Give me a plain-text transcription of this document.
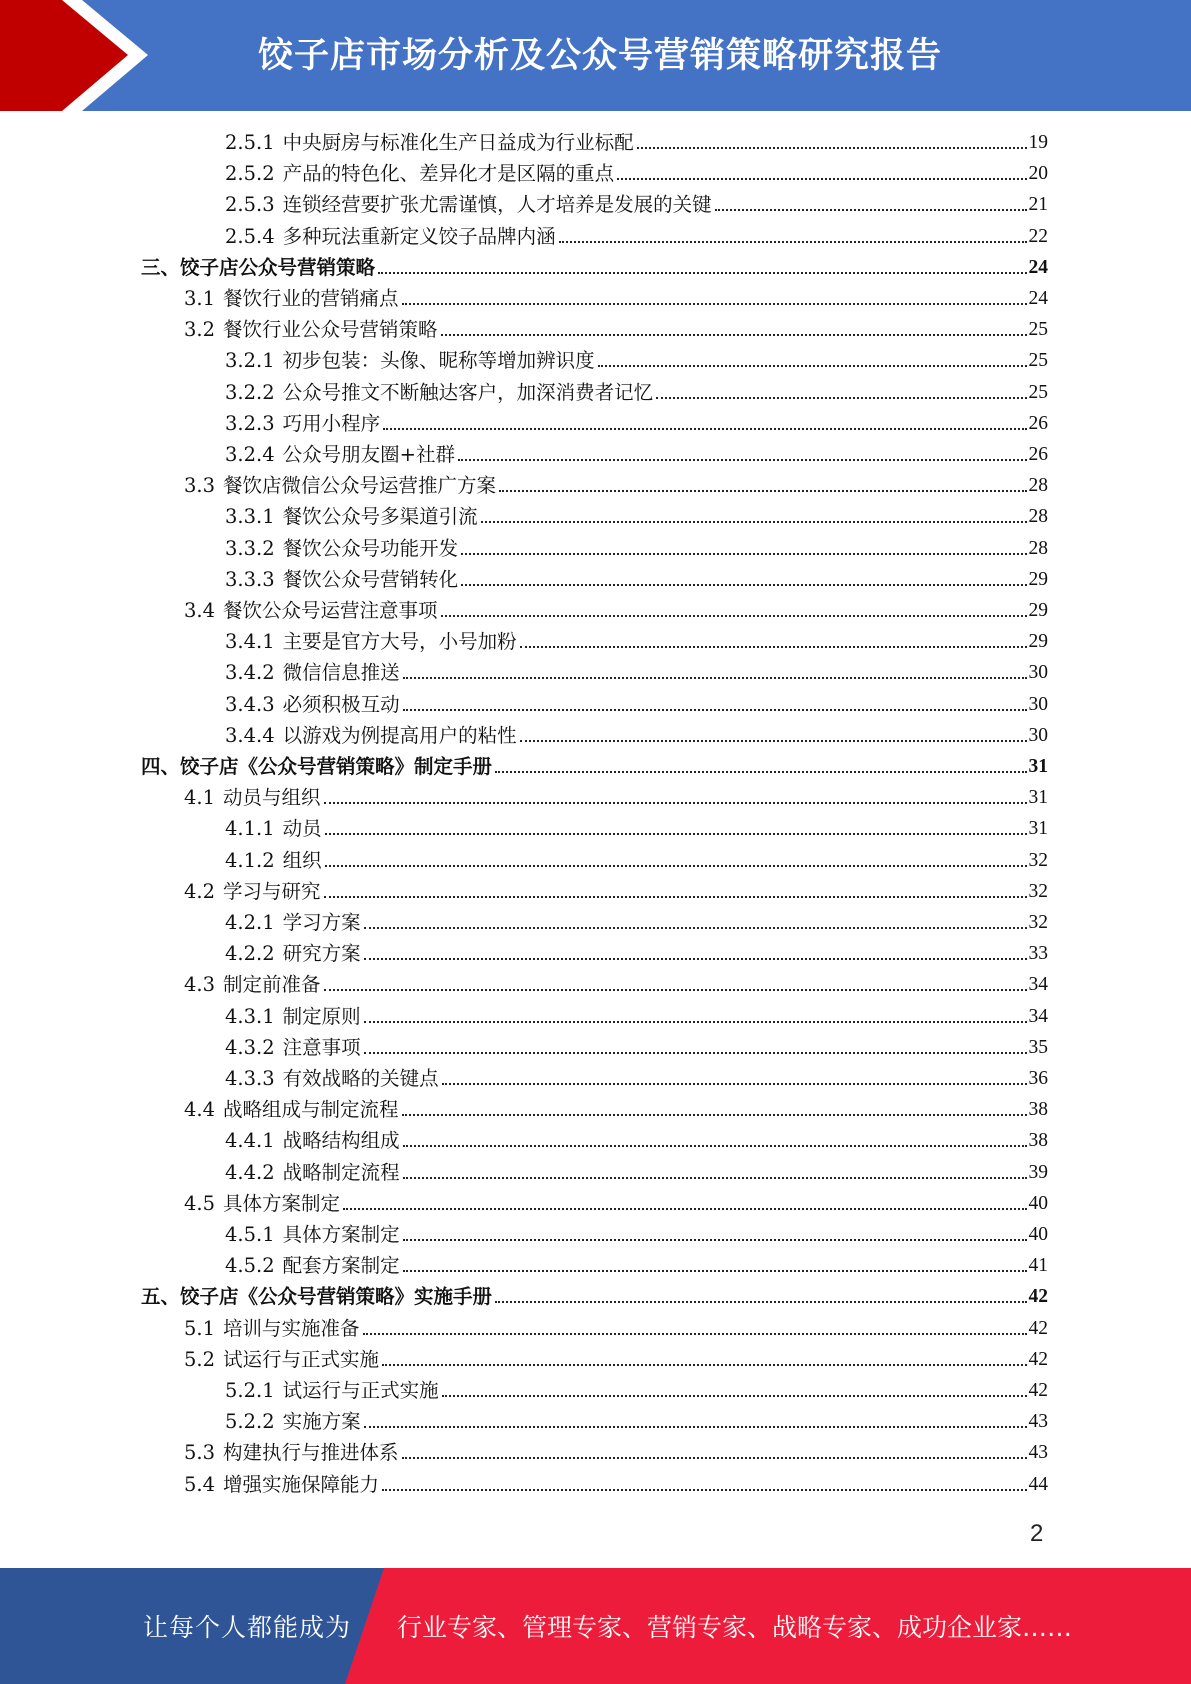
饺子店市场分析及公众号营销策略研究报告
2.5.1 中央厨房与标准化生产日益成为行业标配	19
2.5.2 产品的特色化、差异化才是区隔的重点	20
2.5.3 连锁经营要扩张尤需谨慎，人才培养是发展的关键	21
2.5.4 多种玩法重新定义饺子品牌内涵	22
三、饺子店公众号营销策略	24
3.1 餐饮行业的营销痛点	24
3.2 餐饮行业公众号营销策略	25
3.2.1 初步包装：头像、昵称等增加辨识度	25
3.2.2 公众号推文不断触达客户，加深消费者记忆	25
3.2.3 巧用小程序	26
3.2.4 公众号朋友圈+社群	26
3.3 餐饮店微信公众号运营推广方案	28
3.3.1 餐饮公众号多渠道引流	28
3.3.2 餐饮公众号功能开发	28
3.3.3 餐饮公众号营销转化	29
3.4 餐饮公众号运营注意事项	29
3.4.1 主要是官方大号，小号加粉	29
3.4.2 微信信息推送	30
3.4.3 必须积极互动	30
3.4.4 以游戏为例提高用户的粘性	30
四、饺子店《公众号营销策略》制定手册	31
4.1 动员与组织	31
4.1.1 动员	31
4.1.2 组织	32
4.2 学习与研究	32
4.2.1 学习方案	32
4.2.2 研究方案	33
4.3 制定前准备	34
4.3.1 制定原则	34
4.3.2 注意事项	35
4.3.3 有效战略的关键点	36
4.4 战略组成与制定流程	38
4.4.1 战略结构组成	38
4.4.2 战略制定流程	39
4.5 具体方案制定	40
4.5.1 具体方案制定	40
4.5.2 配套方案制定	41
五、饺子店《公众号营销策略》实施手册	42
5.1 培训与实施准备	42
5.2 试运行与正式实施	42
5.2.1 试运行与正式实施	42
5.2.2 实施方案	43
5.3 构建执行与推进体系	43
5.4 增强实施保障能力	44
2
让每个人都能成为 行业专家、管理专家、营销专家、战略专家、成功企业家……
